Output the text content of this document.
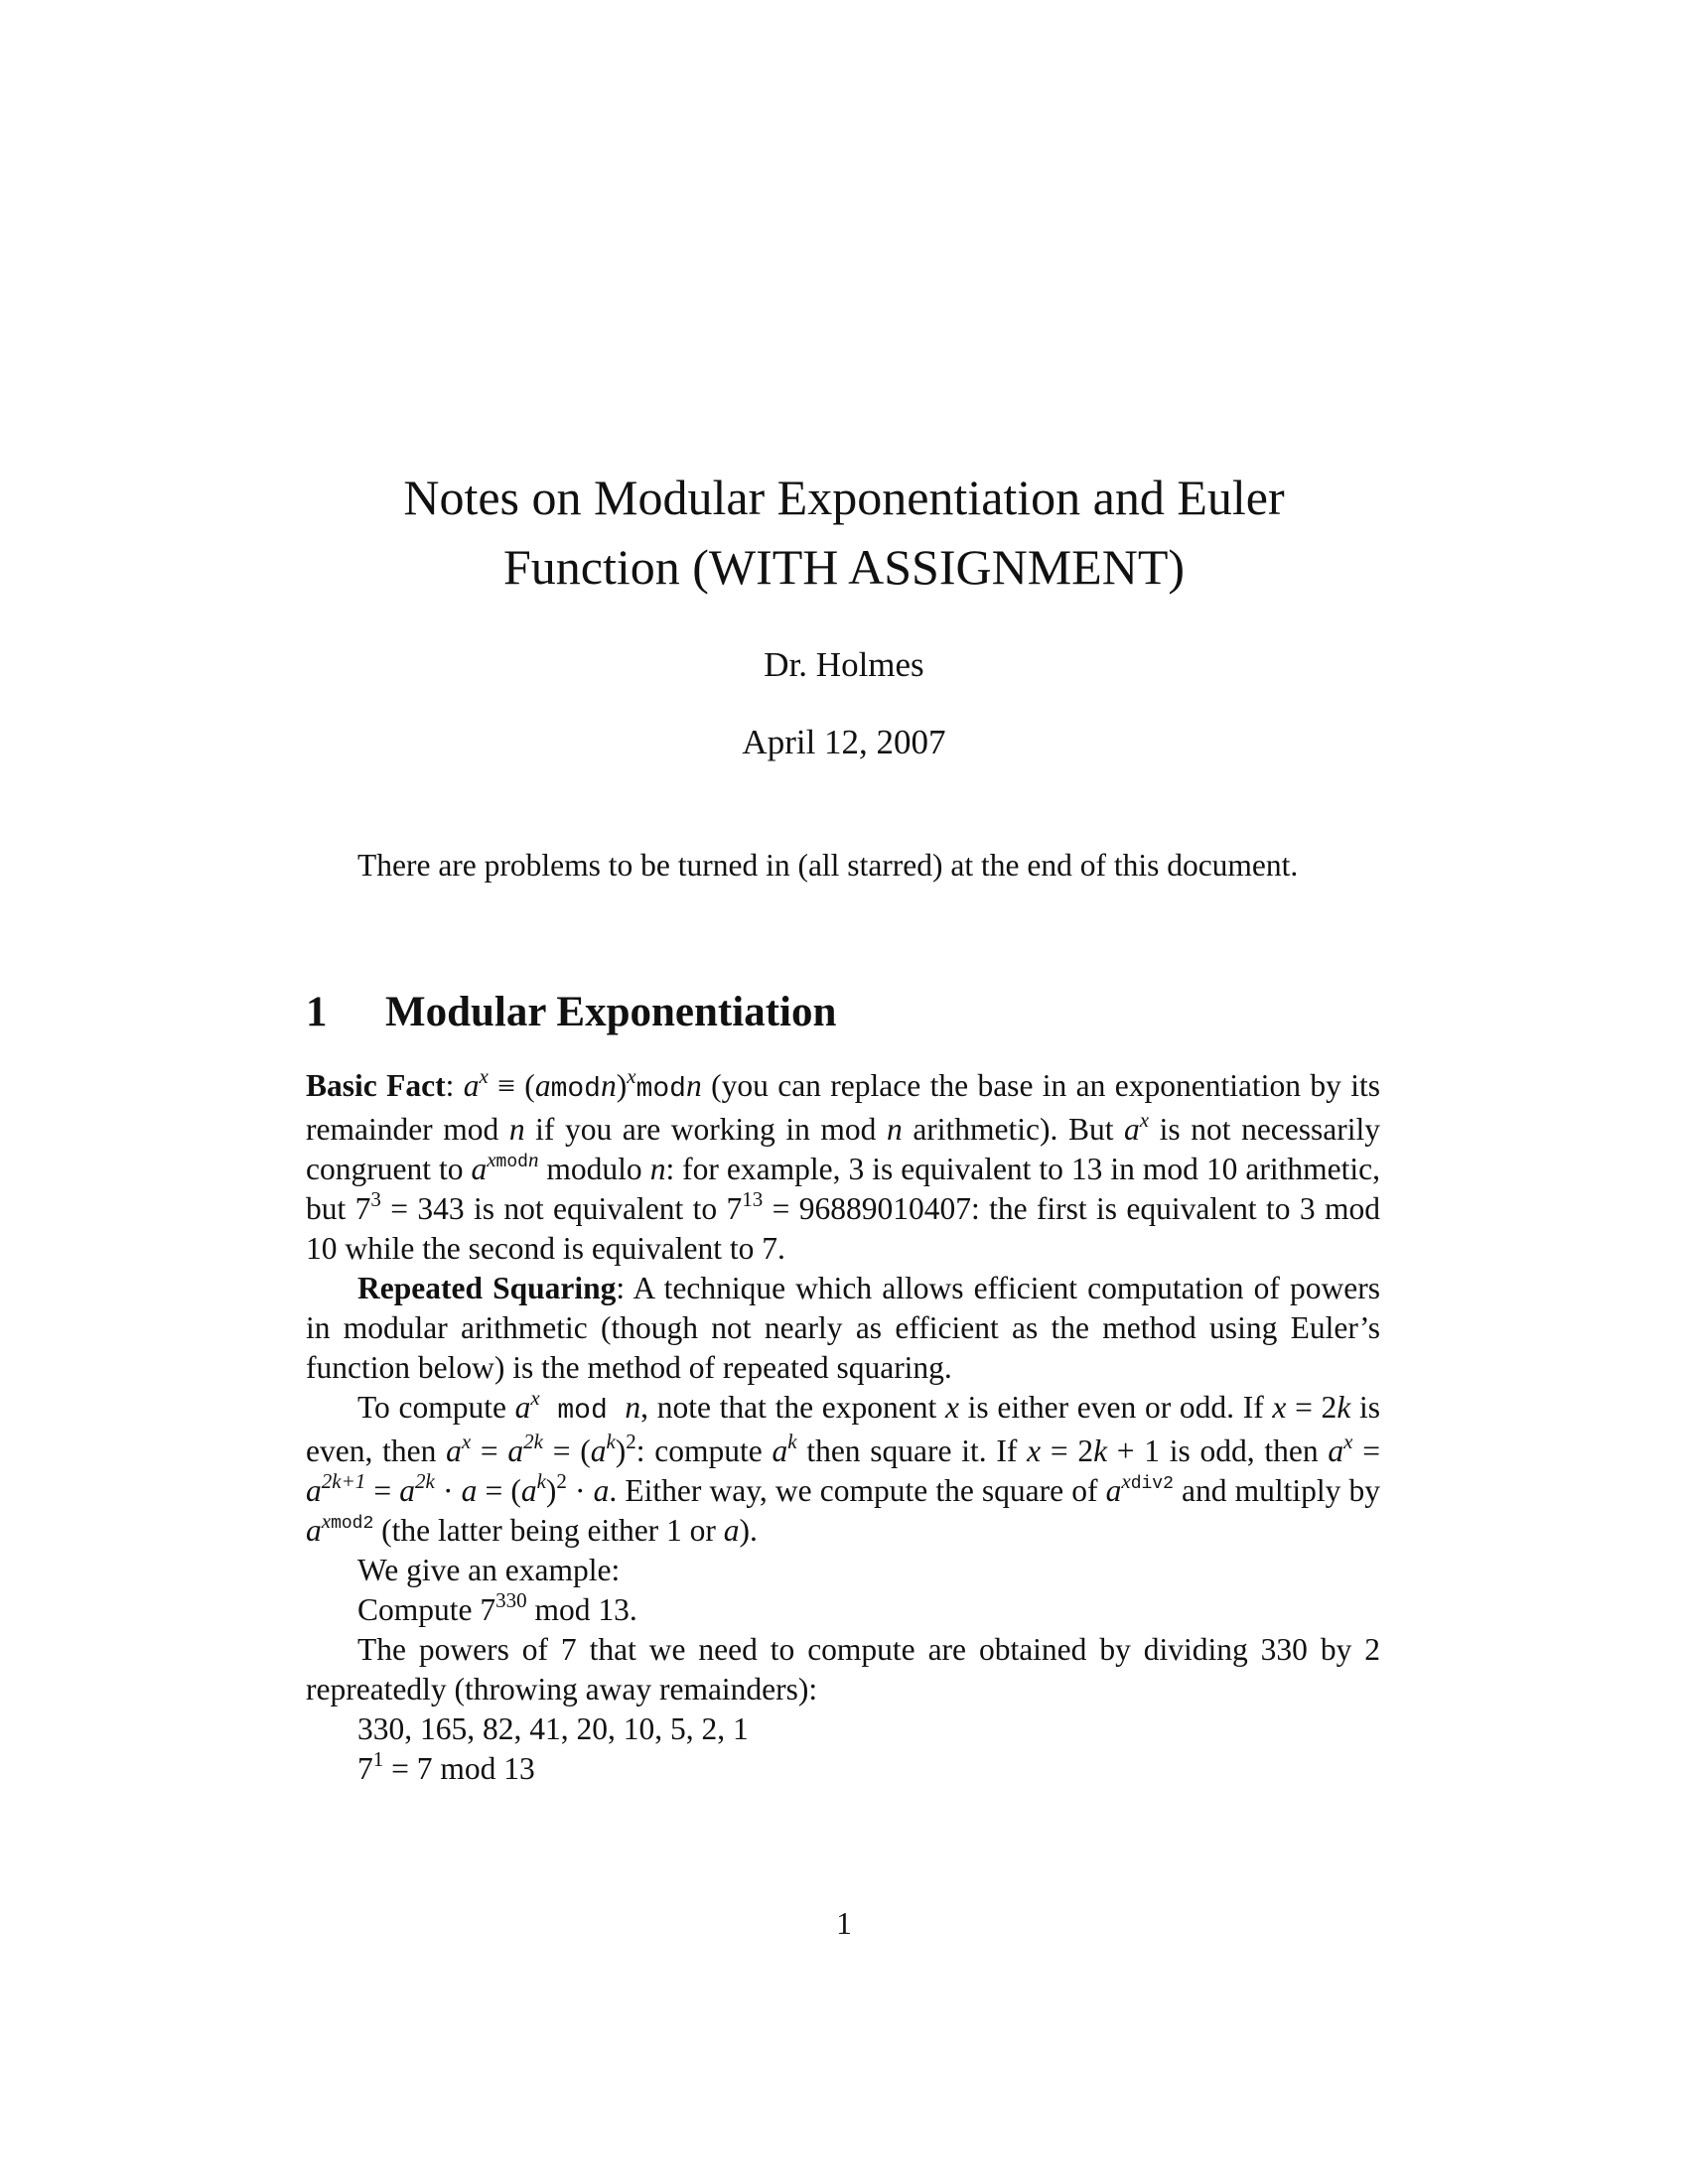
Notes on Modular Exponentiation and Euler
Function (WITH ASSIGNMENT)
Dr. Holmes
April 12, 2007
There are problems to be turned in (all starred) at the end of this document.
1 Modular Exponentiation

Basic Fact: $a^x$ ≡ (amodn)$^x$modn (you can replace the base in an exponentiation by its remainder mod n if you are working in mod n arithmetic). But $a^x$ is not necessarily congruent to $a^{xmodn}$ modulo n: for example, 3 is equivalent to 13 in mod 10 arithmetic, but $7^3 = 343$ is not equivalent to $7^{13} = 96889010407$: the first is equivalent to 3 mod 10 while the second is equivalent to 7.

Repeated Squaring: A technique which allows efficient computation of powers in modular arithmetic (though not nearly as efficient as the method using Euler’s function below) is the method of repeated squaring.

To compute $a^x$ mod n, note that the exponent x is either even or odd. If x = 2k is even, then $a^x = a^{2k} = (a^k)^2$: compute $a^k$ then square it. If x = 2k + 1 is odd, then $a^x = a^{2k+1} = a^{2k} \cdot a = (a^k)^2 \cdot a$. Either way, we compute the square of $a^{xdiv2}$ and multiply by $a^{xmod2}$ (the latter being either 1 or a).

We give an example:

Compute $7^{330}$ mod 13.

The powers of 7 that we need to compute are obtained by dividing 330 by 2 repreatedly (throwing away remainders):

330, 165, 82, 41, 20, 10, 5, 2, 1

$7^1 = 7$ mod 13

1
